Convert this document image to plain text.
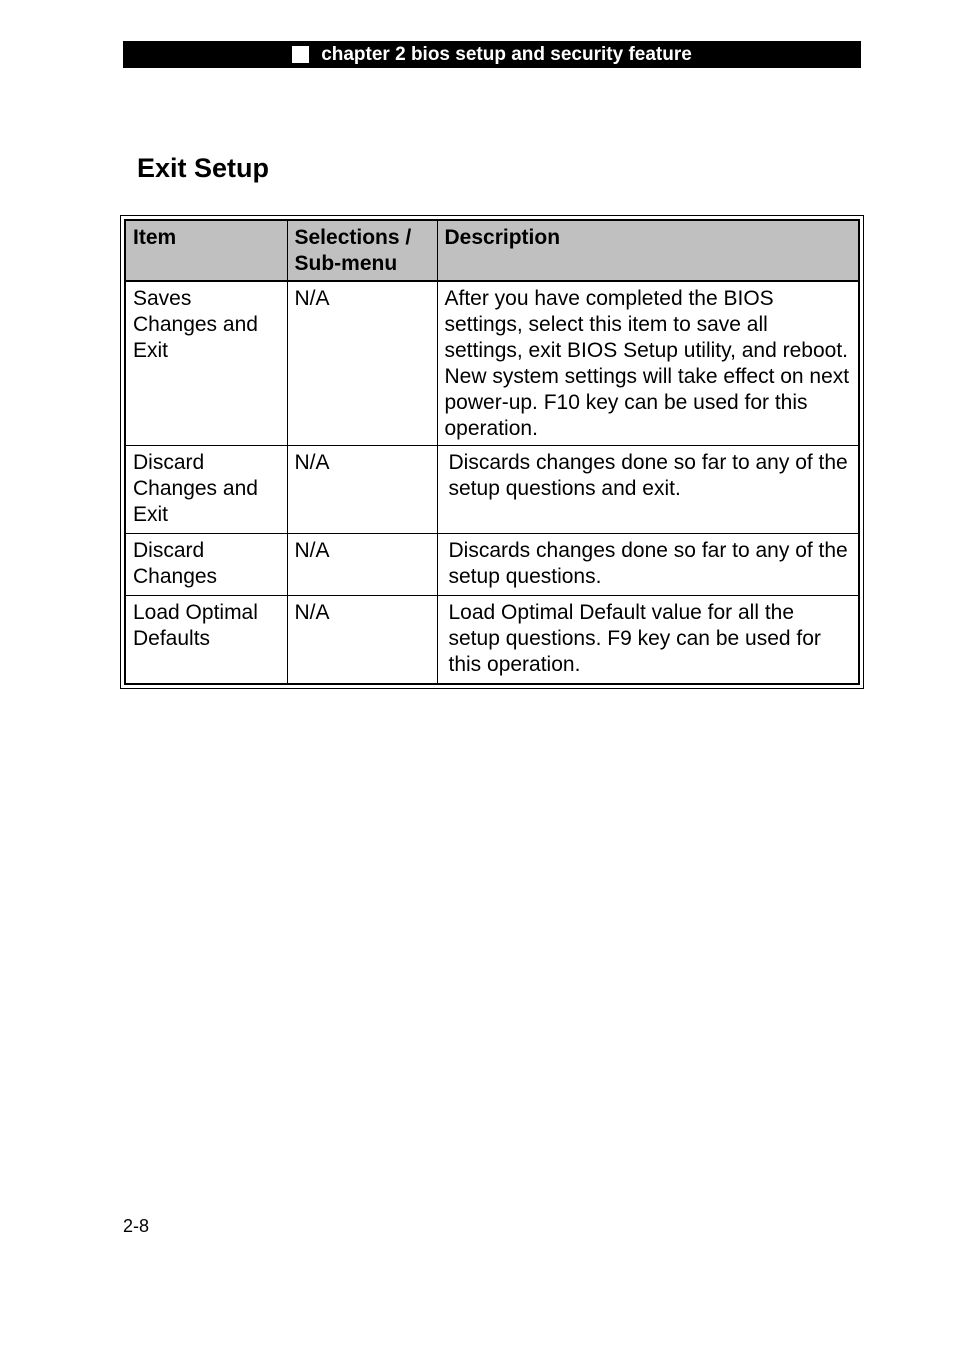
chapter 2 bios setup and security feature
Exit Setup
Item	Selections / Sub-menu	Description
Saves Changes and Exit	N/A	After you have completed the BIOS settings, select this item to save all settings, exit BIOS Setup utility, and reboot. New system settings will take effect on next power-up. F10 key can be used for this operation.
Discard Changes and Exit	N/A	Discards changes done so far to any of the setup questions and exit.
Discard Changes	N/A	Discards changes done so far to any of the setup questions.
Load Optimal Defaults	N/A	Load Optimal Default value for all the setup questions. F9 key can be used for this operation.
2-8
